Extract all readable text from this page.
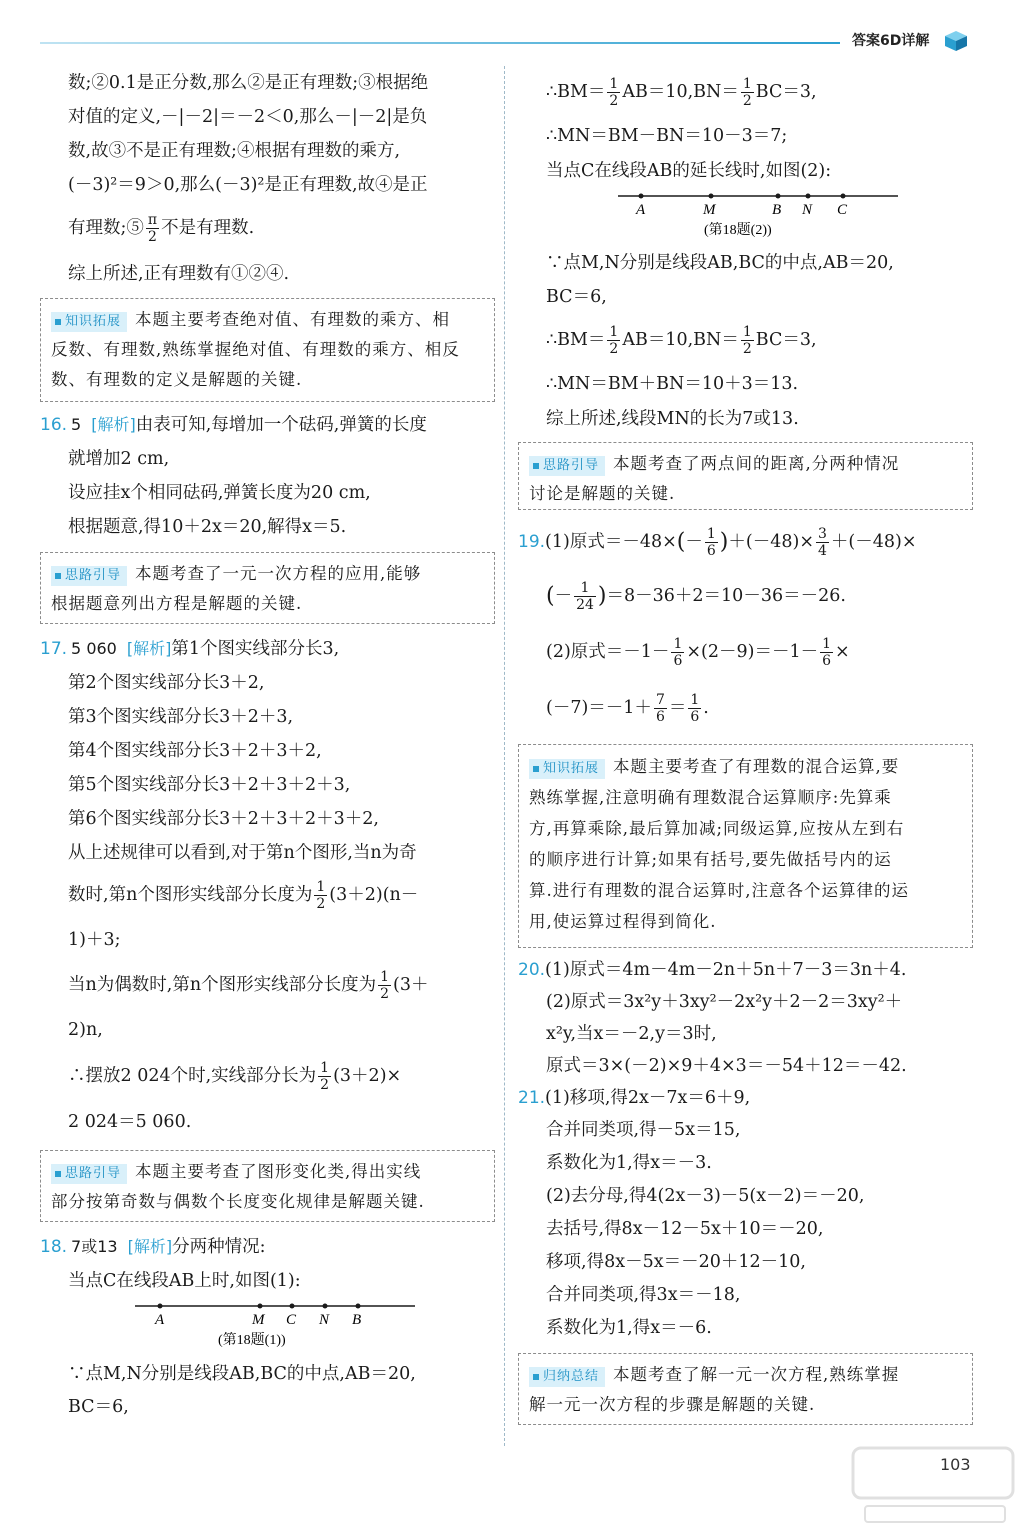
答案6D详解

数;②0.1是正分数,那么②是正有理数;③根据绝

对值的定义,－|－2|＝－2＜0,那么－|－2|是负

数,故③不是正有理数;④根据有理数的乘方,

(－3)²＝9＞0,那么(－3)²是正有理数,故④是正

有理数;⑤ $\frac{\pi}{2}$ 不是有理数.

综上所述,正有理数有①②④.

知识拓展 本题主要考查绝对值、有理数的乘方、相

反数、有理数,熟练掌握绝对值、有理数的乘方、相反

数、有理数的定义是解题的关键.

16. 5 [解析]由表可知,每增加一个砝码,弹簧的长度

就增加2 cm,

设应挂x个相同砝码,弹簧长度为20 cm,

根据题意,得10＋2x＝20,解得x＝5.

思路引导 本题考查了一元一次方程的应用,能够

根据题意列出方程是解题的关键.

17. 5 060 [解析]第1个图实线部分长3,

第2个图实线部分长3＋2,

第3个图实线部分长3＋2＋3,

第4个图实线部分长3＋2＋3＋2,

第5个图实线部分长3＋2＋3＋2＋3,

第6个图实线部分长3＋2＋3＋2＋3＋2,

从上述规律可以看到,对于第n个图形,当n为奇

数时,第n个图形实线部分长度为 $\frac{1}{2} (3+2)(n-$

1)＋3;

当n为偶数时,第n个图形实线部分长度为 $\frac{1}{2} (3+$

2)n,

∴摆放2 024个时,实线部分长为 $\frac{1}{2} (3+2)\times$

2 024＝5 060.

思路引导 本题主要考查了图形变化类,得出实线

部分按第奇数与偶数个长度变化规律是解题关键.

18. 7或13 [解析]分两种情况:

当点C在线段AB上时,如图(1):

A	M C N B
(第18题(1))

∵点M,N分别是线段AB,BC的中点,AB＝20,

BC＝6,

∴BM＝ $\frac{1}{2} AB=10,BN= \frac{1}{2} BC=3$,

∴MN＝BM－BN＝10－3＝7;

当点C在线段AB的延长线时,如图(2):

A	M	B N C
(第18题(2))

∵点M,N分别是线段AB,BC的中点,AB＝20,

BC＝6,

∴BM＝ $\frac{1}{2} AB=10,BN= \frac{1}{2} BC=3$,

∴MN＝BM＋BN＝10＋3＝13.

综上所述,线段MN的长为7或13.

思路引导 本题考查了两点间的距离,分两种情况

讨论是解题的关键.

19.(1)原式$=-48\times(- \frac{1}{6} )+(-48)\times \frac{3}{4} +(-48)\times$

(－ $\frac{1}{24} )=8-36+2=10-36=-26$.

(2)原式$=-1- \frac{1}{6} \times(2-9)=-1- \frac{1}{6}$ ×

$(-7)=-1+ \frac{7}{6} = \frac{1}{6}$ .

知识拓展 本题主要考查了有理数的混合运算,要

熟练掌握,注意明确有理数混合运算顺序:先算乘

方,再算乘除,最后算加减;同级运算,应按从左到右

的顺序进行计算;如果有括号,要先做括号内的运

算.进行有理数的混合运算时,注意各个运算律的运

用,使运算过程得到简化.

20.(1)原式＝4m－4m－2n＋5n＋7－3＝3n＋4.

(2)原式＝3x²y＋3xy²－2x²y＋2－2＝3xy²＋

x²y,当x＝－2,y＝3时,

原式＝3×(－2)×9＋4×3＝－54＋12＝－42.

21.(1)移项,得2x－7x＝6＋9,

合并同类项,得－5x＝15,

系数化为1,得x＝－3.

(2)去分母,得4(2x－3)－5(x－2)＝－20,

去括号,得8x－12－5x＋10＝－20,

移项,得8x－5x＝－20＋12－10,

合并同类项,得3x＝－18,

系数化为1,得x＝－6.

归纳总结 本题考查了解一元一次方程,熟练掌握

解一元一次方程的步骤是解题的关键.

103
